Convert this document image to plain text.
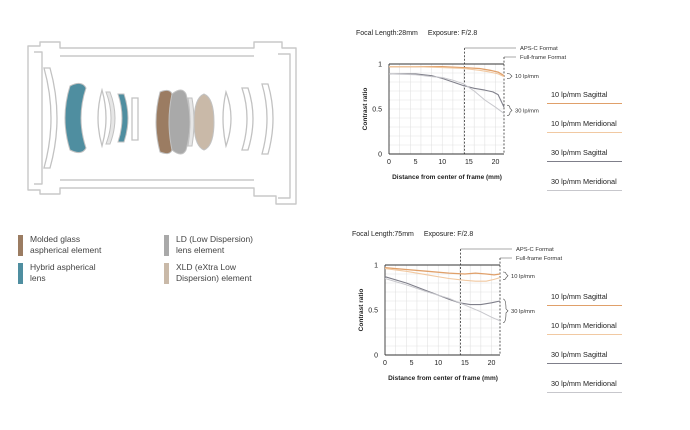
Molded glass
aspherical element
LD (Low Dispersion)
lens element
Hybrid aspherical
lens
XLD (eXtra Low
Dispersion) element
Focal Length:28mm Exposure: F/2.8
0	5	10	15	20
0
0.5
1
Distance from center of frame (mm)
Contrast ratio
APS-C Format
Full-frame Format
10 lp/mm
30 lp/mm
Focal Length:75mm Exposure: F/2.8
0	5	10	15	20
0
0.5
1
Distance from center of frame (mm)
Contrast ratio
APS-C Format
Full-frame Format
10 lp/mm
30 lp/mm
10 lp/mm Sagittal
10 lp/mm Meridional
30 lp/mm Sagittal
30 lp/mm Meridional
10 lp/mm Sagittal
10 lp/mm Meridional
30 lp/mm Sagittal
30 lp/mm Meridional
